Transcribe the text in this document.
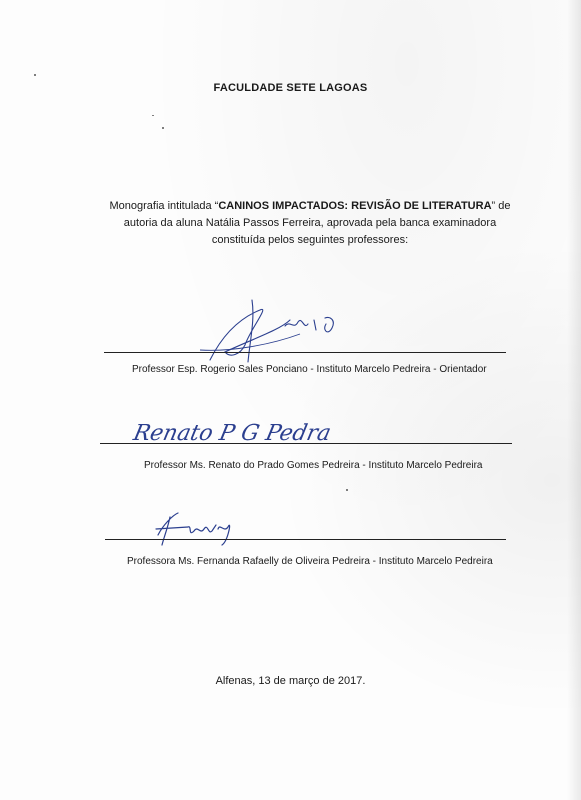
FACULDADE SETE LAGOAS
Monografia intitulada “CANINOS IMPACTADOS: REVISÃO DE LITERATURA” de
autoria da aluna Natália Passos Ferreira, aprovada pela banca examinadora
constituída pelos seguintes professores:
Professor Esp. Rogerio Sales Ponciano - Instituto Marcelo Pedreira - Orientador
Renato P G Pedra
Professor Ms. Renato do Prado Gomes Pedreira - Instituto Marcelo Pedreira
Professora Ms. Fernanda Rafaelly de Oliveira Pedreira - Instituto Marcelo Pedreira
Alfenas, 13 de março de 2017.
